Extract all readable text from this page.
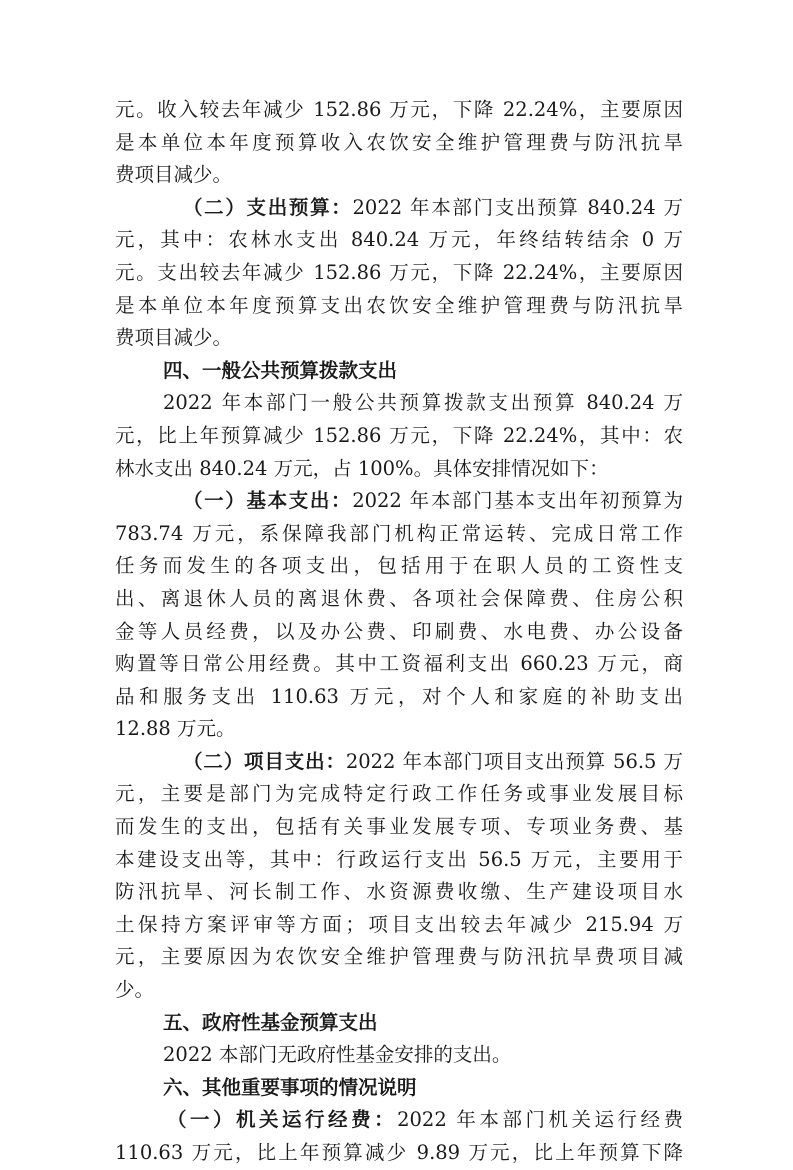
元。收入较去年减少 152.86 万元，下降 22.24%，主要原因
是本单位本年度预算收入农饮安全维护管理费与防汛抗旱
费项目减少。
（二）支出预算：2022 年本部门支出预算 840.24 万
元，其中：农林水支出 840.24 万元，年终结转结余 0 万
元。支出较去年减少 152.86 万元，下降 22.24%，主要原因
是本单位本年度预算支出农饮安全维护管理费与防汛抗旱
费项目减少。
四、一般公共预算拨款支出
2022 年本部门一般公共预算拨款支出预算 840.24 万
元，比上年预算减少 152.86 万元，下降 22.24%，其中：农
林水支出 840.24 万元，占 100%。具体安排情况如下：
（一）基本支出：2022 年本部门基本支出年初预算为
783.74 万元，系保障我部门机构正常运转、完成日常工作
任务而发生的各项支出，包括用于在职人员的工资性支
出、离退休人员的离退休费、各项社会保障费、住房公积
金等人员经费，以及办公费、印刷费、水电费、办公设备
购置等日常公用经费。其中工资福利支出 660.23 万元，商
品和服务支出 110.63 万元，对个人和家庭的补助支出
12.88 万元。
（二）项目支出：2022 年本部门项目支出预算 56.5 万
元，主要是部门为完成特定行政工作任务或事业发展目标
而发生的支出，包括有关事业发展专项、专项业务费、基
本建设支出等，其中：行政运行支出 56.5 万元，主要用于
防汛抗旱、河长制工作、水资源费收缴、生产建设项目水
土保持方案评审等方面；项目支出较去年减少 215.94 万
元，主要原因为农饮安全维护管理费与防汛抗旱费项目减
少。
五、政府性基金预算支出
2022 本部门无政府性基金安排的支出。
六、其他重要事项的情况说明
（一）机关运行经费：2022 年本部门机关运行经费
110.63 万元，比上年预算减少 9.89 万元，比上年预算下降
